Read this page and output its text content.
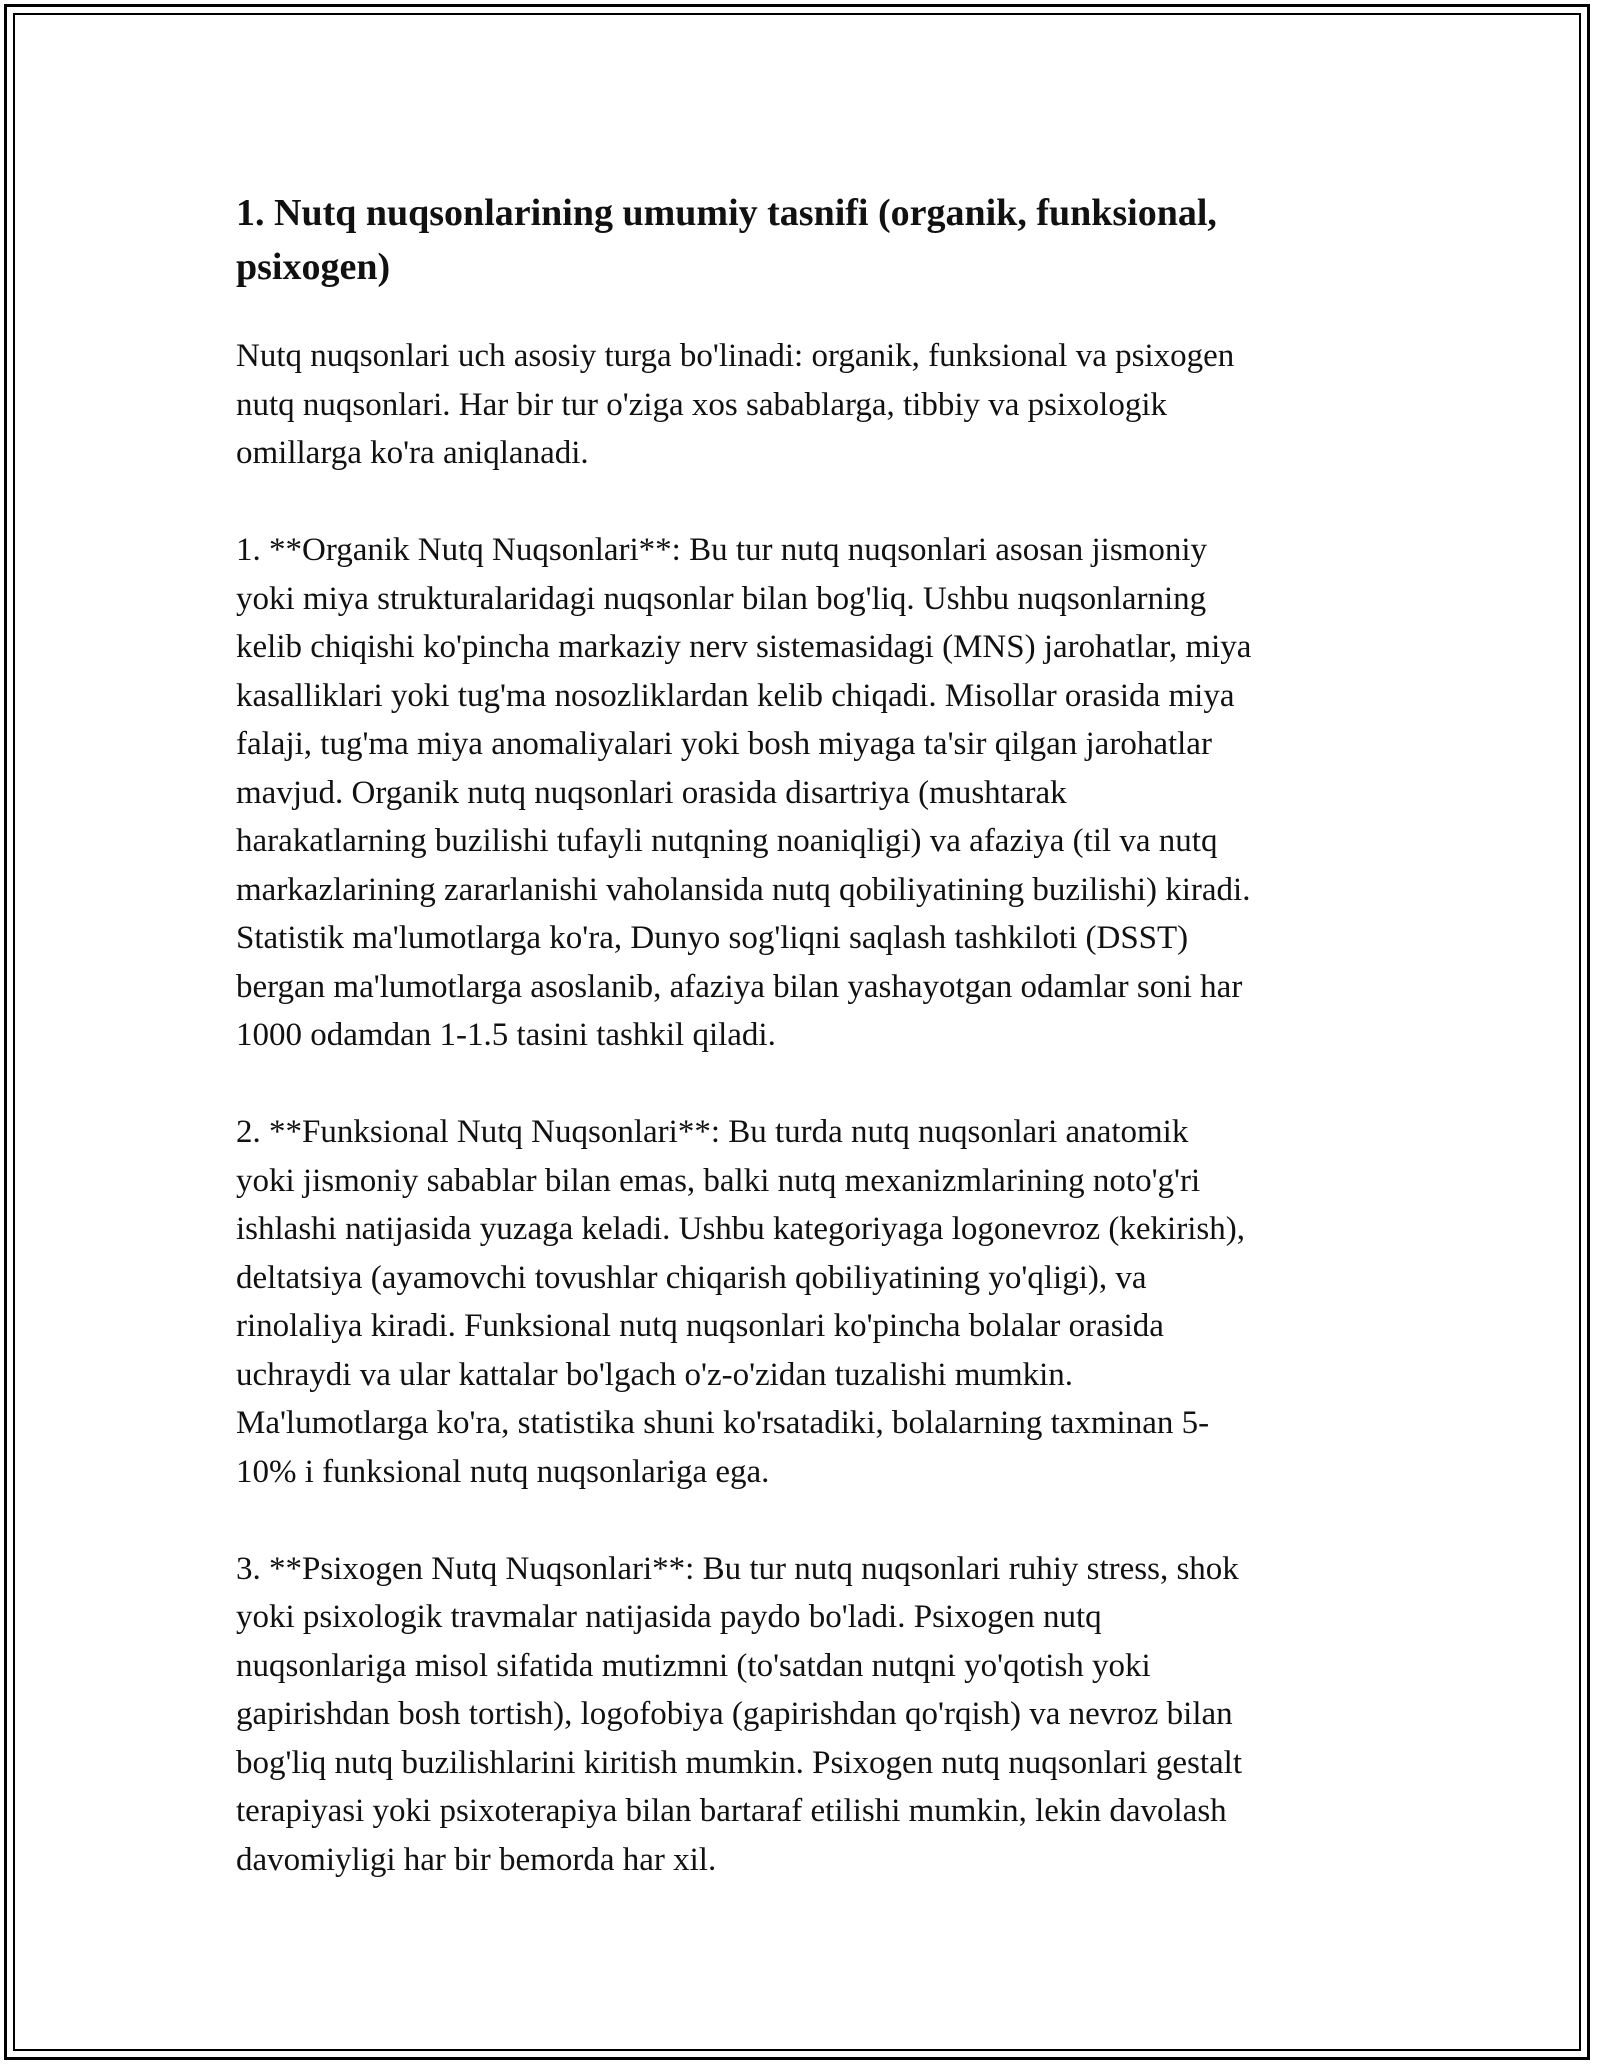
1. Nutq nuqsonlarining umumiy tasnifi (organik, funksional, psixogen)

Nutq nuqsonlari uch asosiy turga bo'linadi: organik, funksional va psixogen
nutq nuqsonlari. Har bir tur o'ziga xos sabablarga, tibbiy va psixologik
omillarga ko'ra aniqlanadi.

1. **Organik Nutq Nuqsonlari**: Bu tur nutq nuqsonlari asosan jismoniy
yoki miya strukturalaridagi nuqsonlar bilan bog'liq. Ushbu nuqsonlarning
kelib chiqishi ko'pincha markaziy nerv sistemasidagi (MNS) jarohatlar, miya
kasalliklari yoki tug'ma nosozliklardan kelib chiqadi. Misollar orasida miya
falaji, tug'ma miya anomaliyalari yoki bosh miyaga ta'sir qilgan jarohatlar
mavjud. Organik nutq nuqsonlari orasida disartriya (mushtarak
harakatlarning buzilishi tufayli nutqning noaniqligi) va afaziya (til va nutq
markazlarining zararlanishi vaholansida nutq qobiliyatining buzilishi) kiradi.
Statistik ma'lumotlarga ko'ra, Dunyo sog'liqni saqlash tashkiloti (DSST)
bergan ma'lumotlarga asoslanib, afaziya bilan yashayotgan odamlar soni har
1000 odamdan 1-1.5 tasini tashkil qiladi.

2. **Funksional Nutq Nuqsonlari**: Bu turda nutq nuqsonlari anatomik
yoki jismoniy sabablar bilan emas, balki nutq mexanizmlarining noto'g'ri
ishlashi natijasida yuzaga keladi. Ushbu kategoriyaga logonevroz (kekirish),
deltatsiya (ayamovchi tovushlar chiqarish qobiliyatining yo'qligi), va
rinolaliya kiradi. Funksional nutq nuqsonlari ko'pincha bolalar orasida
uchraydi va ular kattalar bo'lgach o'z-o'zidan tuzalishi mumkin.
Ma'lumotlarga ko'ra, statistika shuni ko'rsatadiki, bolalarning taxminan 5-
10% i funksional nutq nuqsonlariga ega.

3. **Psixogen Nutq Nuqsonlari**: Bu tur nutq nuqsonlari ruhiy stress, shok
yoki psixologik travmalar natijasida paydo bo'ladi. Psixogen nutq
nuqsonlariga misol sifatida mutizmni (to'satdan nutqni yo'qotish yoki
gapirishdan bosh tortish), logofobiya (gapirishdan qo'rqish) va nevroz bilan
bog'liq nutq buzilishlarini kiritish mumkin. Psixogen nutq nuqsonlari gestalt
terapiyasi yoki psixoterapiya bilan bartaraf etilishi mumkin, lekin davolash
davomiyligi har bir bemorda har xil.
